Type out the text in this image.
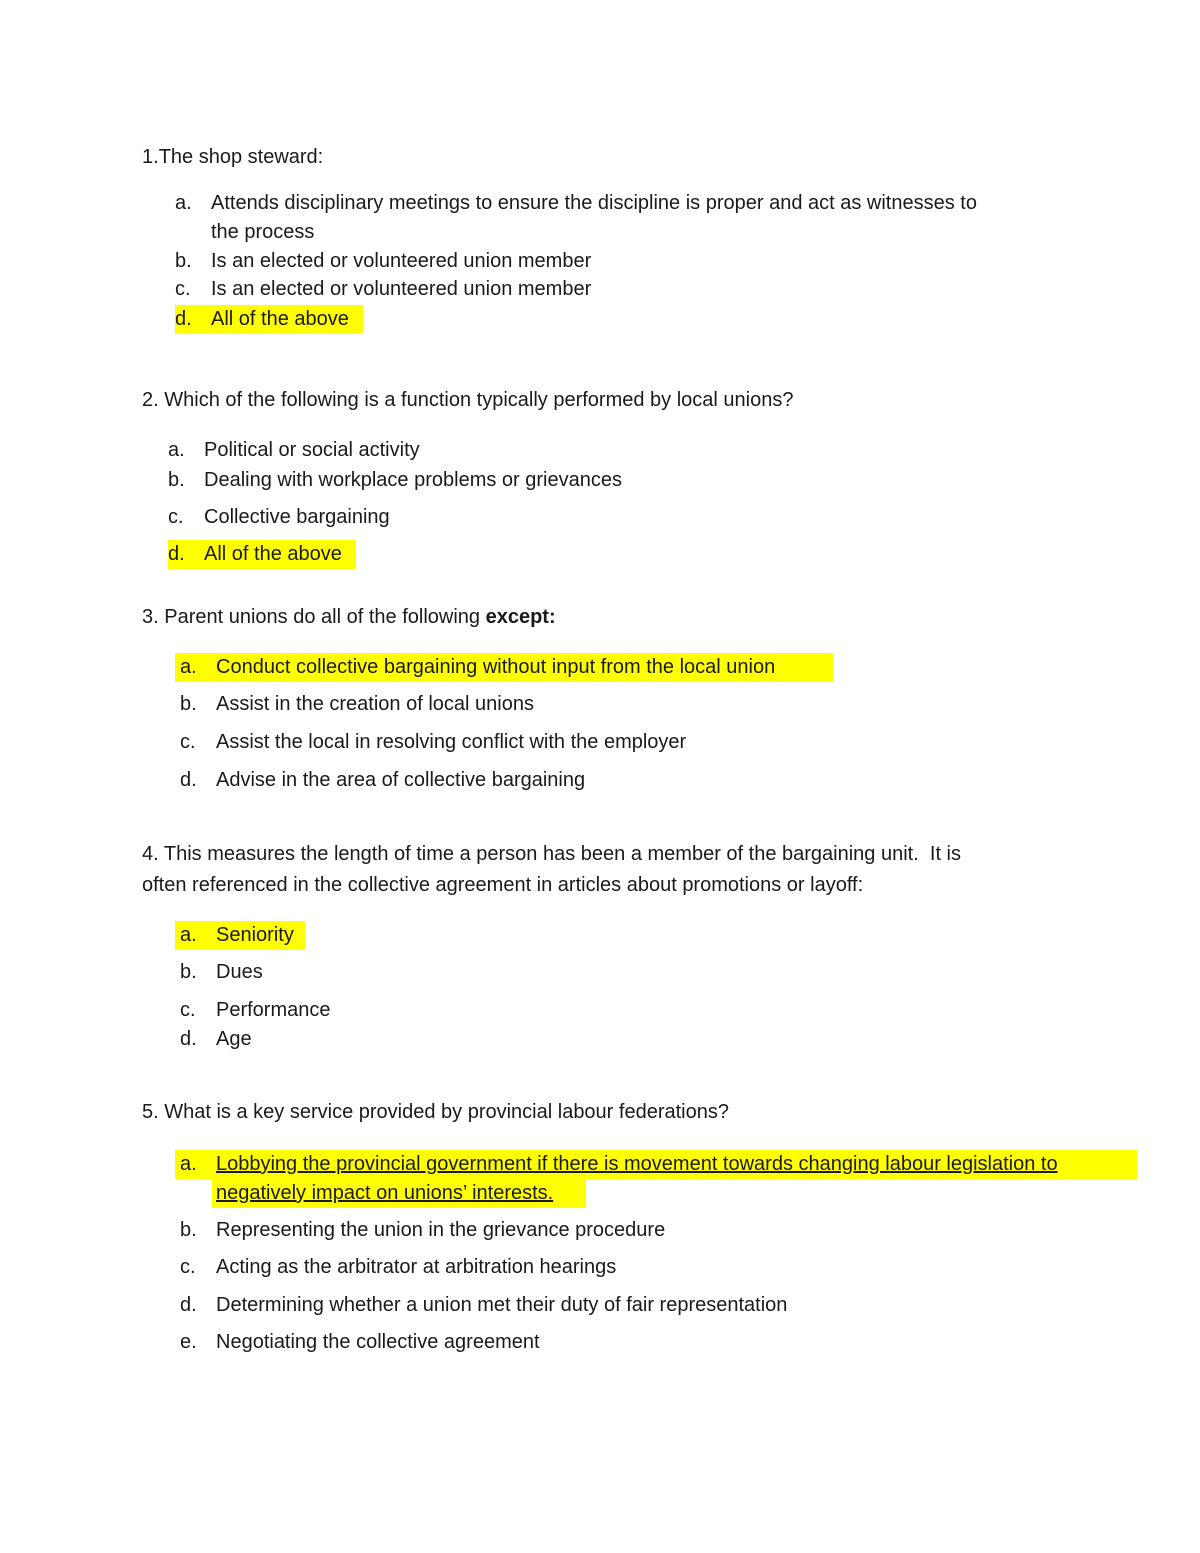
1.The shop steward:
a. Attends disciplinary meetings to ensure the discipline is proper and act as witnesses to
the process
b. Is an elected or volunteered union member
c. Is an elected or volunteered union member
d. All of the above
2. Which of the following is a function typically performed by local unions?
a. Political or social activity
b. Dealing with workplace problems or grievances
c. Collective bargaining
d. All of the above
3. Parent unions do all of the following except:
a. Conduct collective bargaining without input from the local union
b. Assist in the creation of local unions
c. Assist the local in resolving conflict with the employer
d. Advise in the area of collective bargaining
4. This measures the length of time a person has been a member of the bargaining unit.  It is
often referenced in the collective agreement in articles about promotions or layoff:
a. Seniority
b. Dues
c. Performance
d. Age
5. What is a key service provided by provincial labour federations?
a. Lobbying the provincial government if there is movement towards changing labour legislation to
negatively impact on unions’ interests.
b. Representing the union in the grievance procedure
c. Acting as the arbitrator at arbitration hearings
d. Determining whether a union met their duty of fair representation
e. Negotiating the collective agreement
